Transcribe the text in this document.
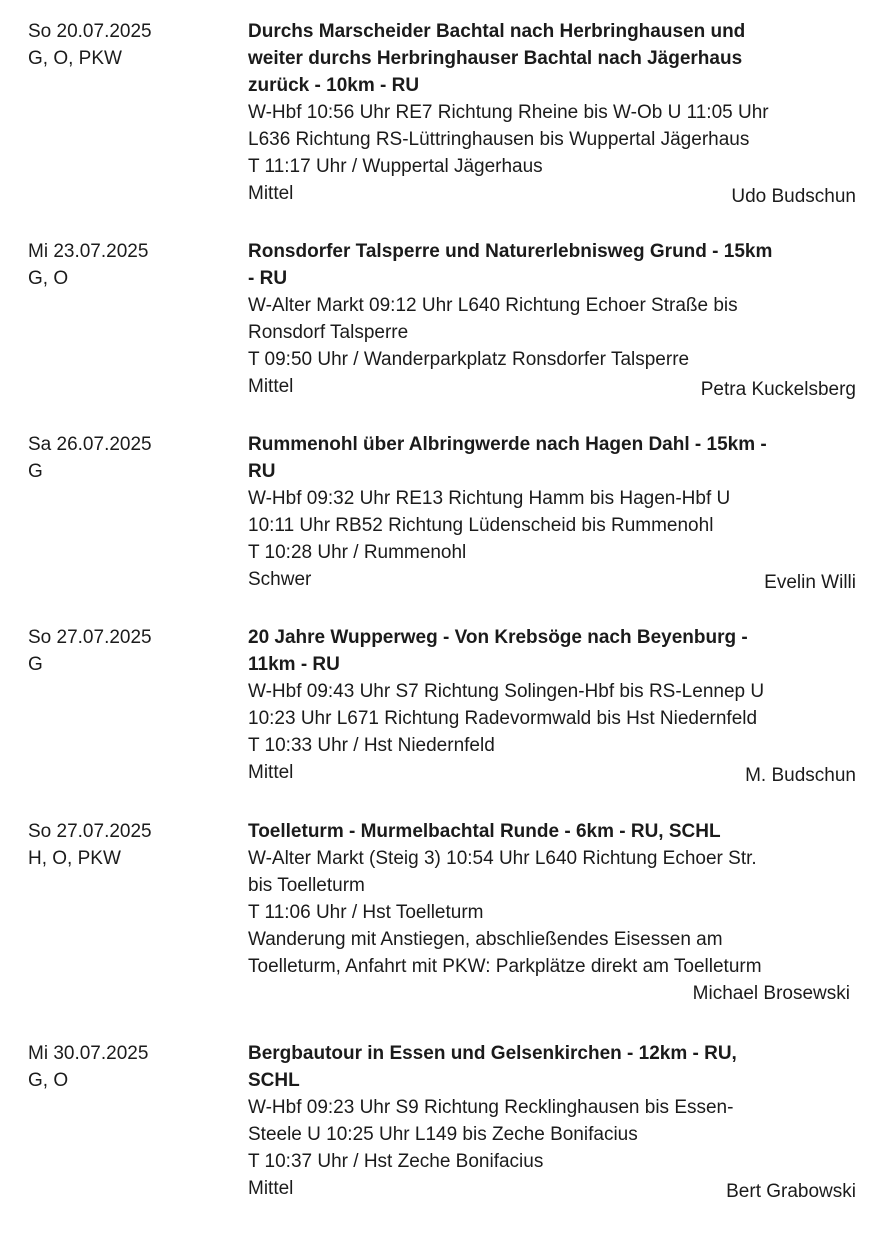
So 20.07.2025
G, O, PKW
Durchs Marscheider Bachtal nach Herbringhausen und
weiter durchs Herbringhauser Bachtal nach Jägerhaus
zurück - 10km - RU
W-Hbf 10:56 Uhr RE7 Richtung Rheine bis W-Ob U 11:05 Uhr
L636 Richtung RS-Lüttringhausen bis Wuppertal Jägerhaus
T 11:17 Uhr / Wuppertal Jägerhaus
Mittel	Udo Budschun
Mi 23.07.2025
G, O
Ronsdorfer Talsperre und Naturerlebnisweg Grund - 15km
- RU
W-Alter Markt 09:12 Uhr L640 Richtung Echoer Straße bis
Ronsdorf Talsperre
T 09:50 Uhr / Wanderparkplatz Ronsdorfer Talsperre
Mittel	Petra Kuckelsberg
Sa 26.07.2025
G
Rummenohl über Albringwerde nach Hagen Dahl - 15km -
RU
W-Hbf 09:32 Uhr RE13 Richtung Hamm bis Hagen-Hbf U
10:11 Uhr RB52 Richtung Lüdenscheid bis Rummenohl
T 10:28 Uhr / Rummenohl
Schwer	Evelin Willi
So 27.07.2025
G
20 Jahre Wupperweg - Von Krebsöge nach Beyenburg -
11km - RU
W-Hbf 09:43 Uhr S7 Richtung Solingen-Hbf bis RS-Lennep U
10:23 Uhr L671 Richtung Radevormwald bis Hst Niedernfeld
T 10:33 Uhr / Hst Niedernfeld
Mittel	M. Budschun
So 27.07.2025
H, O, PKW
Toelleturm - Murmelbachtal Runde - 6km - RU, SCHL
W-Alter Markt (Steig 3) 10:54 Uhr L640 Richtung Echoer Str.
bis Toelleturm
T 11:06 Uhr / Hst Toelleturm
Wanderung mit Anstiegen, abschließendes Eisessen am
Toelleturm, Anfahrt mit PKW: Parkplätze direkt am Toelleturm
Michael Brosewski
Mi 30.07.2025
G, O
Bergbautour in Essen und Gelsenkirchen - 12km - RU,
SCHL
W-Hbf 09:23 Uhr S9 Richtung Recklinghausen bis Essen-
Steele U 10:25 Uhr L149 bis Zeche Bonifacius
T 10:37 Uhr / Hst Zeche Bonifacius
Mittel	Bert Grabowski
